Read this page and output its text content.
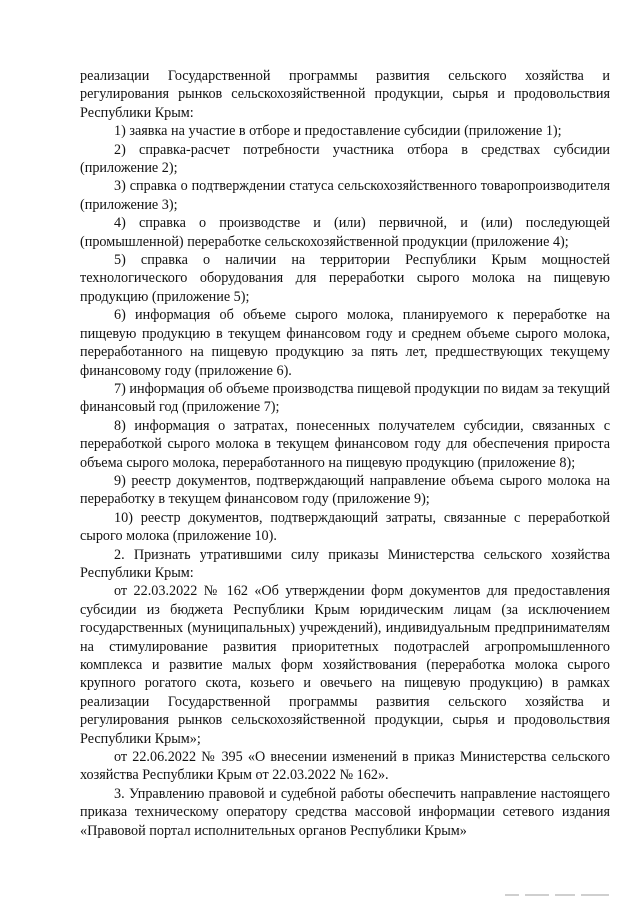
реализации Государственной программы развития сельского хозяйства и регулирования рынков сельскохозяйственной продукции, сырья и продовольствия Республики Крым:

1) заявка на участие в отборе и предоставление субсидии (приложение 1);

2) справка-расчет потребности участника отбора в средствах субсидии (приложение 2);

3) справка о подтверждении статуса сельскохозяйственного товаропроизводителя (приложение 3);

4) справка о производстве и (или) первичной, и (или) последующей (промышленной) переработке сельскохозяйственной продукции (приложение 4);

5) справка о наличии на территории Республики Крым мощностей технологического оборудования для переработки сырого молока на пищевую продукцию (приложение 5);

6) информация об объеме сырого молока, планируемого к переработке на пищевую продукцию в текущем финансовом году и среднем объеме сырого молока, переработанного на пищевую продукцию за пять лет, предшествующих текущему финансовому году (приложение 6).

7) информация об объеме производства пищевой продукции по видам за текущий финансовый год (приложение 7);

8) информация о затратах, понесенных получателем субсидии, связанных с переработкой сырого молока в текущем финансовом году для обеспечения прироста объема сырого молока, переработанного на пищевую продукцию (приложение 8);

9) реестр документов, подтверждающий направление объема сырого молока на переработку в текущем финансовом году (приложение 9);

10) реестр документов, подтверждающий затраты, связанные с переработкой сырого молока (приложение 10).

2. Признать утратившими силу приказы Министерства сельского хозяйства Республики Крым:

от 22.03.2022 № 162 «Об утверждении форм документов для предоставления субсидии из бюджета Республики Крым юридическим лицам (за исключением государственных (муниципальных) учреждений), индивидуальным предпринимателям на стимулирование развития приоритетных подотраслей агропромышленного комплекса и развитие малых форм хозяйствования (переработка молока сырого крупного рогатого скота, козьего и овечьего на пищевую продукцию) в рамках реализации Государственной программы развития сельского хозяйства и регулирования рынков сельскохозяйственной продукции, сырья и продовольствия Республики Крым»;

от 22.06.2022 № 395 «О внесении изменений в приказ Министерства сельского хозяйства Республики Крым от 22.03.2022 № 162».

3. Управлению правовой и судебной работы обеспечить направление настоящего приказа техническому оператору средства массовой информации сетевого издания «Правовой портал исполнительных органов Республики Крым»
